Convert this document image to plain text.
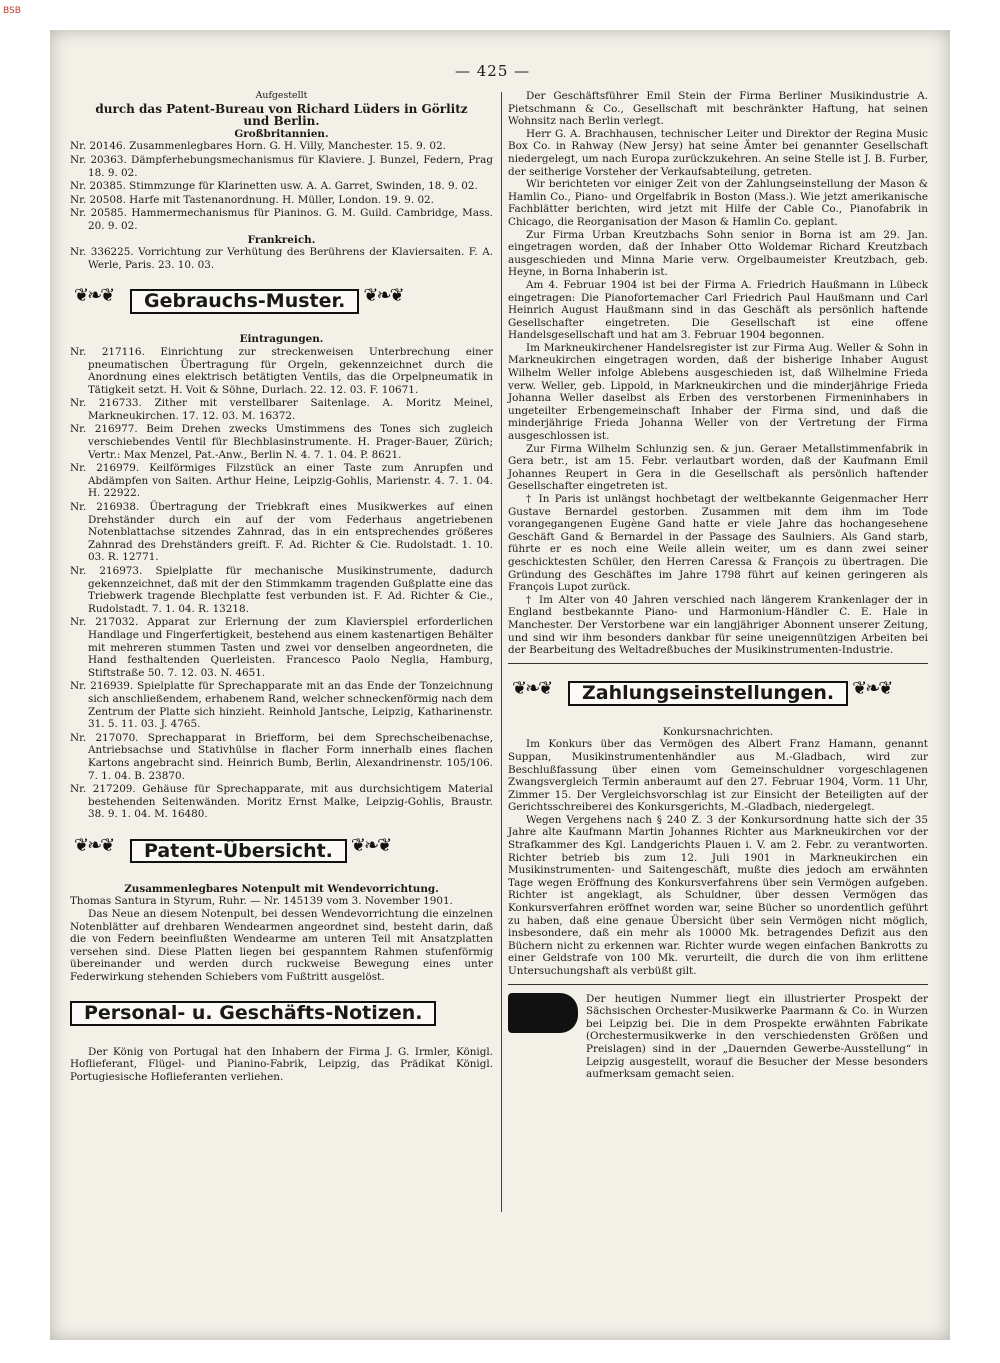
BSB
— 425 —

Aufgestellt

durch das Patent-Bureau von Richard Lüders in Görlitz

und Berlin.

Großbritannien.

Nr. 20146. Zusammenlegbares Horn. G. H. Villy, Manchester. 15. 9. 02.

Nr. 20363. Dämpferhebungsmechanismus für Klaviere. J. Bunzel, Federn, Prag 18. 9. 02.

Nr. 20385. Stimmzunge für Klarinetten usw. A. A. Garret, Swinden, 18. 9. 02.

Nr. 20508. Harfe mit Tastenanordnung. H. Müller, London. 19. 9. 02.

Nr. 20585. Hammermechanismus für Pianinos. G. M. Guild. Cambridge, Mass. 20. 9. 02.

Frankreich.

Nr. 336225. Vorrichtung zur Verhütung des Berührens der Klaviersaiten. F. A. Werle, Paris. 23. 10. 03.

❦❧❦
Gebrauchs-Muster.
❦❧❦

Eintragungen.

Nr. 217116. Einrichtung zur streckenweisen Unterbrechung einer pneumatischen Übertragung für Orgeln, gekennzeichnet durch die Anordnung eines elektrisch betätigten Ventils, das die Orpelpneumatik in Tätigkeit setzt. H. Voit & Söhne, Durlach. 22. 12. 03. F. 10671.

Nr. 216733. Zither mit verstellbarer Saitenlage. A. Moritz Meinel, Markneukirchen. 17. 12. 03. M. 16372.

Nr. 216977. Beim Drehen zwecks Umstimmens des Tones sich zugleich verschiebendes Ventil für Blechblasinstrumente. H. Prager-Bauer, Zürich; Vertr.: Max Menzel, Pat.-Anw., Berlin N. 4. 7. 1. 04. P. 8621.

Nr. 216979. Keilförmiges Filzstück an einer Taste zum Anrupfen und Abdämpfen von Saiten. Arthur Heine, Leipzig-Gohlis, Marienstr. 4. 7. 1. 04. H. 22922.

Nr. 216938. Übertragung der Triebkraft eines Musikwerkes auf einen Drehständer durch ein auf der vom Federhaus angetriebenen Notenblattachse sitzendes Zahnrad, das in ein entsprechendes größeres Zahnrad des Drehständers greift. F. Ad. Richter & Cie. Rudolstadt. 1. 10. 03. R. 12771.

Nr. 216973. Spielplatte für mechanische Musikinstrumente, dadurch gekennzeichnet, daß mit der den Stimmkamm tragenden Gußplatte eine das Triebwerk tragende Blechplatte fest verbunden ist. F. Ad. Richter & Cie., Rudolstadt. 7. 1. 04. R. 13218.

Nr. 217032. Apparat zur Erlernung der zum Klavierspiel erforderlichen Handlage und Fingerfertigkeit, bestehend aus einem kastenartigen Behälter mit mehreren stummen Tasten und zwei vor denselben angeordneten, die Hand festhaltenden Querleisten. Francesco Paolo Neglia, Hamburg, Stiftstraße 50. 7. 12. 03. N. 4651.

Nr. 216939. Spielplatte für Sprechapparate mit an das Ende der Tonzeichnung sich anschließendem, erhabenem Rand, welcher schneckenförmig nach dem Zentrum der Platte sich hinzieht. Reinhold Jantsche, Leipzig, Katharinenstr. 31. 5. 11. 03. J. 4765.

Nr. 217070. Sprechapparat in Briefform, bei dem Sprechscheibenachse, Antriebsachse und Stativhülse in flacher Form innerhalb eines flachen Kartons angebracht sind. Heinrich Bumb, Berlin, Alexandrinenstr. 105/106. 7. 1. 04. B. 23870.

Nr. 217209. Gehäuse für Sprechapparate, mit aus durchsichtigem Material bestehenden Seitenwänden. Moritz Ernst Malke, Leipzig-Gohlis, Braustr. 38. 9. 1. 04. M. 16480.

❦❧❦
Patent-Übersicht.
❦❧❦

Zusammenlegbares Notenpult mit Wendevorrichtung.

Thomas Santura in Styrum, Ruhr. — Nr. 145139 vom 3. November 1901.

Das Neue an diesem Notenpult, bei dessen Wendevorrichtung die einzelnen Notenblätter auf drehbaren Wendearmen angeordnet sind, besteht darin, daß die von Federn beeinflußten Wendearme am unteren Teil mit Ansatzplatten versehen sind. Diese Platten liegen bei gespanntem Rahmen stufenförmig übereinander und werden durch ruckweise Bewegung eines unter Federwirkung stehenden Schiebers vom Fußtritt ausgelöst.

Personal- u. Geschäfts-Notizen.

Der König von Portugal hat den Inhabern der Firma J. G. Irmler, Königl. Hoflieferant, Flügel- und Pianino-Fabrik, Leipzig, das Prädikat Königl. Portugiesische Hoflieferanten verliehen.

Der Geschäftsführer Emil Stein der Firma Berliner Musikindustrie A. Pietschmann & Co., Gesellschaft mit beschränkter Haftung, hat seinen Wohnsitz nach Berlin verlegt.

Herr G. A. Brachhausen, technischer Leiter und Direktor der Regina Music Box Co. in Rahway (New Jersy) hat seine Ämter bei genannter Gesellschaft niedergelegt, um nach Europa zurückzukehren. An seine Stelle ist J. B. Furber, der seitherige Vorsteher der Verkaufsabteilung, getreten.

Wir berichteten vor einiger Zeit von der Zahlungseinstellung der Mason & Hamlin Co., Piano- und Orgelfabrik in Boston (Mass.). Wie jetzt amerikanische Fachblätter berichten, wird jetzt mit Hilfe der Cable Co., Pianofabrik in Chicago, die Reorganisation der Mason & Hamlin Co. geplant.

Zur Firma Urban Kreutzbachs Sohn senior in Borna ist am 29. Jan. eingetragen worden, daß der Inhaber Otto Woldemar Richard Kreutzbach ausgeschieden und Minna Marie verw. Orgelbaumeister Kreutzbach, geb. Heyne, in Borna Inhaberin ist.

Am 4. Februar 1904 ist bei der Firma A. Friedrich Haußmann in Lübeck eingetragen: Die Pianofortemacher Carl Friedrich Paul Haußmann und Carl Heinrich August Haußmann sind in das Geschäft als persönlich haftende Gesellschafter eingetreten. Die Gesellschaft ist eine offene Handelsgesellschaft und hat am 3. Februar 1904 begonnen.

Im Markneukirchener Handelsregister ist zur Firma Aug. Weller & Sohn in Markneukirchen eingetragen worden, daß der bisherige Inhaber August Wilhelm Weller infolge Ablebens ausgeschieden ist, daß Wilhelmine Frieda verw. Weller, geb. Lippold, in Markneukirchen und die minderjährige Frieda Johanna Weller daselbst als Erben des verstorbenen Firmeninhabers in ungeteilter Erbengemeinschaft Inhaber der Firma sind, und daß die minderjährige Frieda Johanna Weller von der Vertretung der Firma ausgeschlossen ist.

Zur Firma Wilhelm Schlunzig sen. & jun. Geraer Metallstimmenfabrik in Gera betr., ist am 15. Febr. verlautbart worden, daß der Kaufmann Emil Johannes Reupert in Gera in die Gesellschaft als persönlich haftender Gesellschafter eingetreten ist.

† In Paris ist unlängst hochbetagt der weltbekannte Geigenmacher Herr Gustave Bernardel gestorben. Zusammen mit dem ihm im Tode vorangegangenen Eugène Gand hatte er viele Jahre das hochangesehene Geschäft Gand & Bernardel in der Passage des Saulniers. Als Gand starb, führte er es noch eine Weile allein weiter, um es dann zwei seiner geschicktesten Schüler, den Herren Caressa & François zu übertragen. Die Gründung des Geschäftes im Jahre 1798 führt auf keinen geringeren als François Lupot zurück.

† Im Alter von 40 Jahren verschied nach längerem Krankenlager der in England bestbekannte Piano- und Harmonium-Händler C. E. Hale in Manchester. Der Verstorbene war ein langjähriger Abonnent unserer Zeitung, und sind wir ihm besonders dankbar für seine uneigennützigen Arbeiten bei der Bearbeitung des Weltadreßbuches der Musikinstrumenten-Industrie.

❦❧❦
Zahlungseinstellungen.
❦❧❦

Konkursnachrichten.

Im Konkurs über das Vermögen des Albert Franz Hamann, genannt Suppan, Musikinstrumentenhändler aus M.-Gladbach, wird zur Beschlußfassung über einen vom Gemeinschuldner vorgeschlagenen Zwangsvergleich Termin anberaumt auf den 27. Februar 1904, Vorm. 11 Uhr, Zimmer 15. Der Vergleichsvorschlag ist zur Einsicht der Beteiligten auf der Gerichtsschreiberei des Konkursgerichts, M.-Gladbach, niedergelegt.

Wegen Vergehens nach § 240 Z. 3 der Konkursordnung hatte sich der 35 Jahre alte Kaufmann Martin Johannes Richter aus Markneukirchen vor der Strafkammer des Kgl. Landgerichts Plauen i. V. am 2. Febr. zu verantworten. Richter betrieb bis zum 12. Juli 1901 in Markneukirchen ein Musikinstrumenten- und Saitengeschäft, mußte dies jedoch am erwähnten Tage wegen Eröffnung des Konkursverfahrens über sein Vermögen aufgeben. Richter ist angeklagt, als Schuldner, über dessen Vermögen das Konkursverfahren eröffnet worden war, seine Bücher so unordentlich geführt zu haben, daß eine genaue Übersicht über sein Vermögen nicht möglich, insbesondere, daß ein mehr als 10000 Mk. betragendes Defizit aus den Büchern nicht zu erkennen war. Richter wurde wegen einfachen Bankrotts zu einer Geldstrafe von 100 Mk. verurteilt, die durch die von ihm erlittene Untersuchungshaft als verbüßt gilt.

Der heutigen Nummer liegt ein illustrierter Prospekt der Sächsischen Orchester-Musikwerke Paarmann & Co. in Wurzen bei Leipzig bei. Die in dem Prospekte erwähnten Fabrikate (Orchestermusikwerke in den verschiedensten Größen und Preislagen) sind in der „Dauernden Gewerbe-Ausstellung“ in Leipzig ausgestellt, worauf die Besucher der Messe besonders aufmerksam gemacht seien.
